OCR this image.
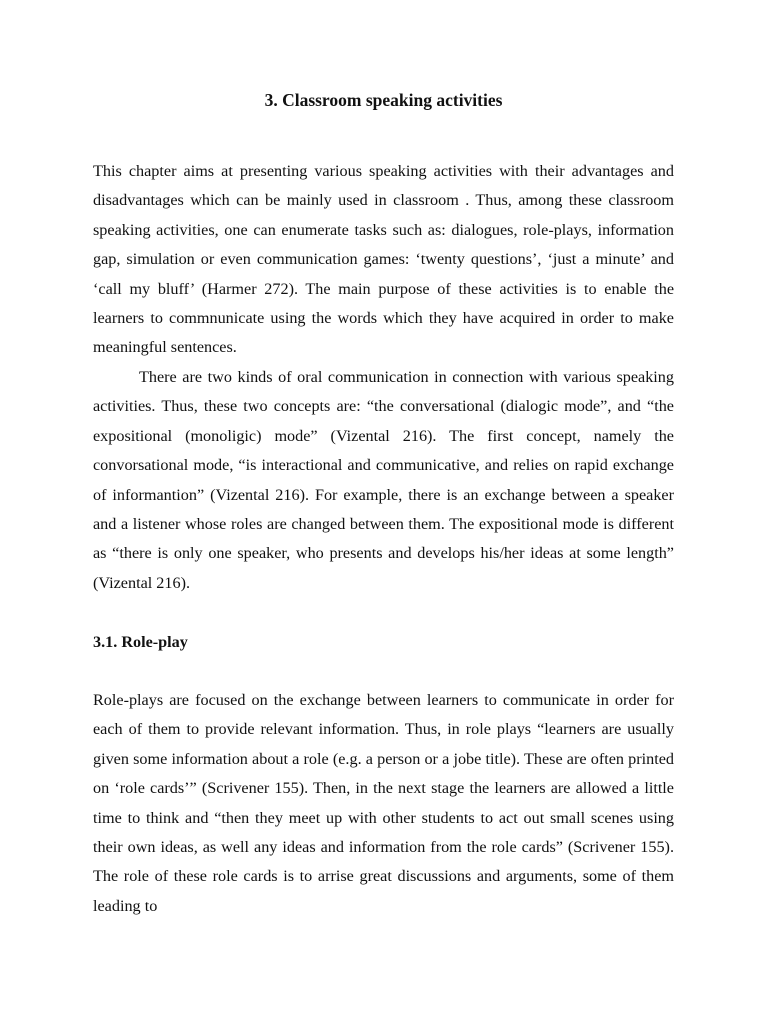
3. Classroom speaking activities

This chapter aims at presenting various speaking activities with their advantages and disadvantages which can be mainly used in classroom . Thus, among these classroom speaking activities, one can enumerate tasks such as: dialogues, role-plays, information gap, simulation or even communication games: ‘twenty questions’, ‘just a minute’ and ‘call my bluff’ (Harmer 272). The main purpose of these activities is to enable the learners to commnunicate using the words which they have acquired in order to make meaningful sentences.

There are two kinds of oral communication in connection with various speaking activities. Thus, these two concepts are: “the conversational (dialogic mode”, and “the expositional (monoligic) mode” (Vizental 216). The first concept, namely the convorsational mode, “is interactional and communicative, and relies on rapid exchange of informantion” (Vizental 216). For example, there is an exchange between a speaker and a listener whose roles are changed between them. The expositional mode is different as “there is only one speaker, who presents and develops his/her ideas at some length” (Vizental 216).

3.1. Role-play

Role-plays are focused on the exchange between learners to communicate in order for each of them to provide relevant information. Thus, in role plays “learners are usually given some information about a role (e.g. a person or a jobe title). These are often printed on ‘role cards’” (Scrivener 155). Then, in the next stage the learners are allowed a little time to think and “then they meet up with other students to act out small scenes using their own ideas, as well any ideas and information from the role cards” (Scrivener 155). The role of these role cards is to arrise great discussions and arguments, some of them leading to
